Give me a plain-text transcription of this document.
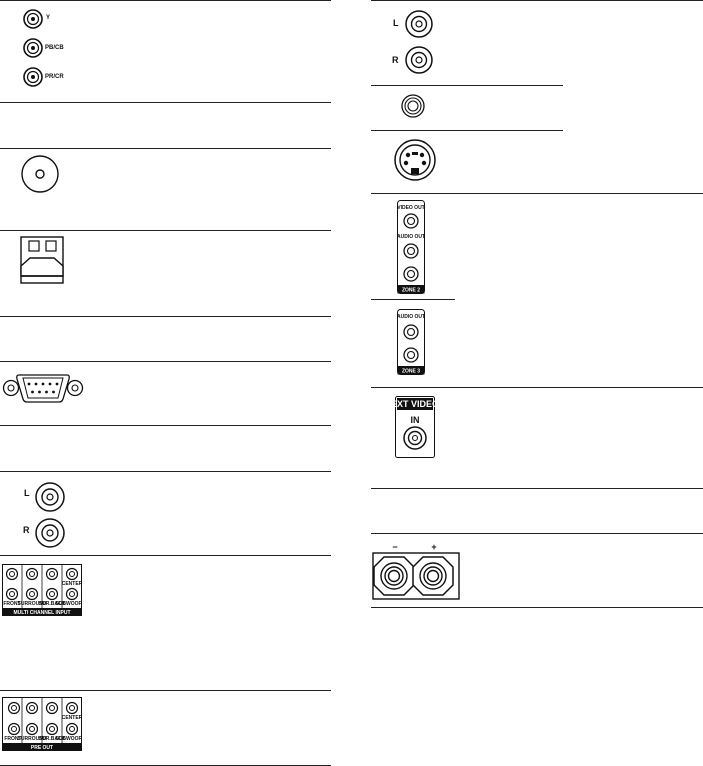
Y
PB/CB
PR/CR
L
R
CENTER
FRONT
SURROUND
SUR.BACK
SUBWOOF
MULTI CHANNEL INPUT
CENTER
FRONT
SURROUND
SUR.BACK
SUBWOOF
PRE OUT
L
R
VIDEO OUT
AUDIO OUT
ZONE 2
AUDIO OUT
ZONE 3
XT VIDE
IN
−	+
